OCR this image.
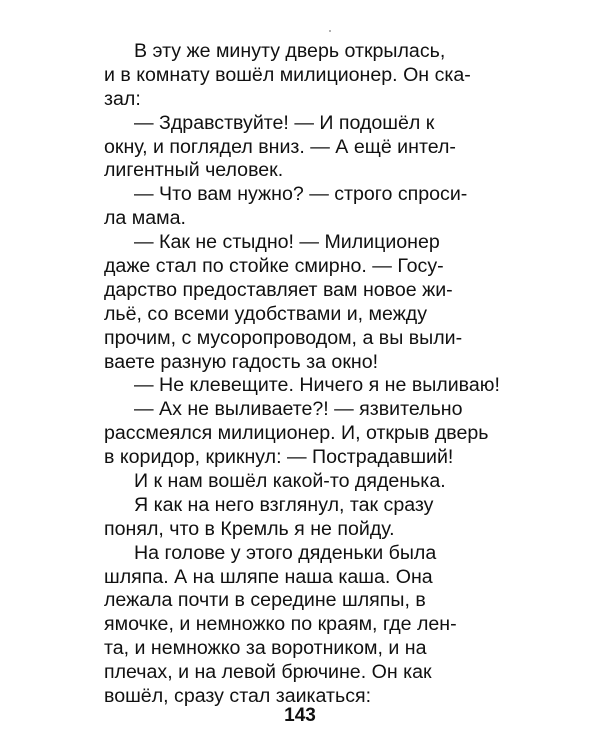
В эту же минуту дверь открылась,
и в комнату вошёл милиционер. Он ска-
зал:

— Здравствуйте! — И подошёл к
окну, и поглядел вниз. — А ещё интел-
лигентный человек.

— Что вам нужно? — строго спроси-
ла мама.

— Как не стыдно! — Милиционер
даже стал по стойке смирно. — Госу-
дарство предоставляет вам новое жи-
льё, со всеми удобствами и, между
прочим, с мусоропроводом, а вы выли-
ваете разную гадость за окно!

— Не клевещите. Ничего я не выливаю!

— Ах не выливаете?! — язвительно
рассмеялся милиционер. И, открыв дверь
в коридор, крикнул: — Пострадавший!

И к нам вошёл какой-то дяденька.

Я как на него взглянул, так сразу
понял, что в Кремль я не пойду.

На голове у этого дяденьки была
шляпа. А на шляпе наша каша. Она
лежала почти в середине шляпы, в
ямочке, и немножко по краям, где лен-
та, и немножко за воротником, и на
плечах, и на левой брючине. Он как
вошёл, сразу стал заикаться:

143
